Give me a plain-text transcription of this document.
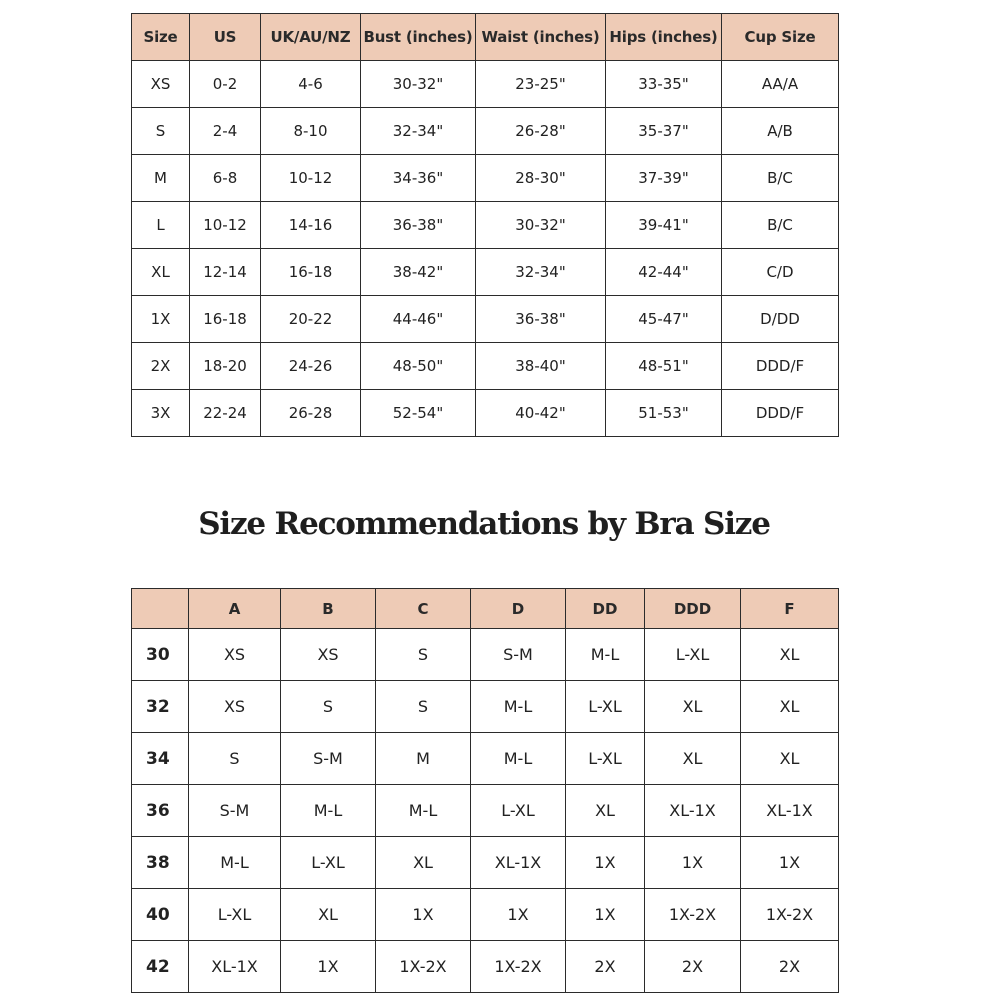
Size	US	UK/AU/NZ	Bust (inches)	Waist (inches)	Hips (inches)	Cup Size
XS	0-2	4-6	30-32"	23-25"	33-35"	AA/A
S	2-4	8-10	32-34"	26-28"	35-37"	A/B
M	6-8	10-12	34-36"	28-30"	37-39"	B/C
L	10-12	14-16	36-38"	30-32"	39-41"	B/C
XL	12-14	16-18	38-42"	32-34"	42-44"	C/D
1X	16-18	20-22	44-46"	36-38"	45-47"	D/DD
2X	18-20	24-26	48-50"	38-40"	48-51"	DDD/F
3X	22-24	26-28	52-54"	40-42"	51-53"	DDD/F
Size Recommendations by Bra Size
	A	B	C	D	DD	DDD	F
30	XS	XS	S	S-M	M-L	L-XL	XL
32	XS	S	S	M-L	L-XL	XL	XL
34	S	S-M	M	M-L	L-XL	XL	XL
36	S-M	M-L	M-L	L-XL	XL	XL-1X	XL-1X
38	M-L	L-XL	XL	XL-1X	1X	1X	1X
40	L-XL	XL	1X	1X	1X	1X-2X	1X-2X
42	XL-1X	1X	1X-2X	1X-2X	2X	2X	2X
